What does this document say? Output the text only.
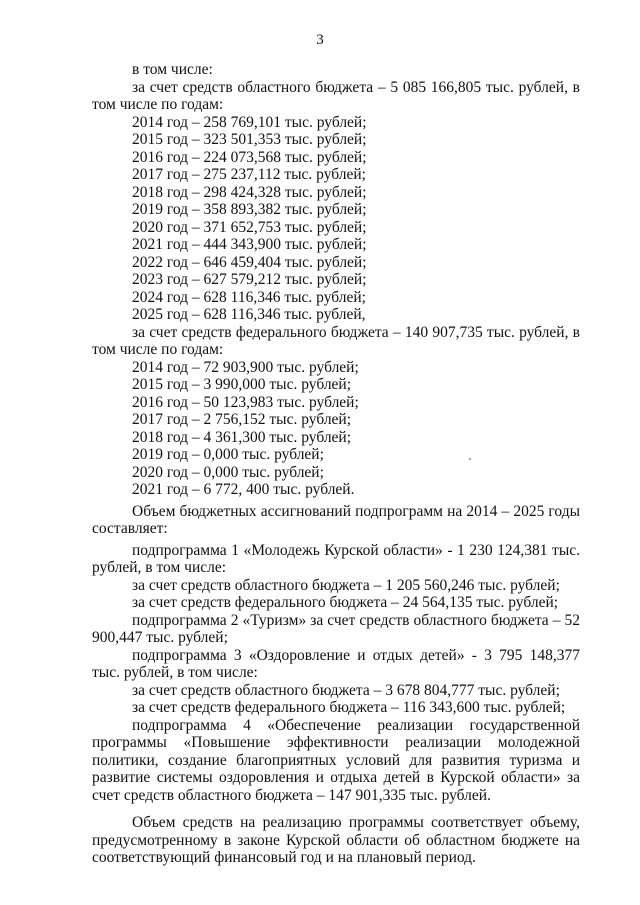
3

в том числе:

за счет средств областного бюджета – 5 085 166,805 тыс. рублей, в том числе по годам:

2014 год – 258 769,101 тыс. рублей;
2015 год – 323 501,353 тыс. рублей;
2016 год – 224 073,568 тыс. рублей;
2017 год – 275 237,112 тыс. рублей;
2018 год – 298 424,328 тыс. рублей;
2019 год – 358 893,382 тыс. рублей;
2020 год – 371 652,753 тыс. рублей;
2021 год – 444 343,900 тыс. рублей;
2022 год – 646 459,404 тыс. рублей;
2023 год – 627 579,212 тыс. рублей;
2024 год – 628 116,346 тыс. рублей;
2025 год – 628 116,346 тыс. рублей,

за счет средств федерального бюджета – 140 907,735 тыс. рублей, в том числе по годам:

2014 год – 72 903,900 тыс. рублей;
2015 год – 3 990,000 тыс. рублей;
2016 год – 50 123,983 тыс. рублей;
2017 год – 2 756,152 тыс. рублей;
2018 год – 4 361,300 тыс. рублей;
2019 год – 0,000 тыс. рублей;
2020 год – 0,000 тыс. рублей;
2021 год – 6 772, 400 тыс. рублей.

Объем бюджетных ассигнований подпрограмм на 2014 – 2025 годы составляет:

подпрограмма 1 «Молодежь Курской области» - 1 230 124,381 тыс. рублей, в том числе:

за счет средств областного бюджета – 1 205 560,246 тыс. рублей;

за счет средств федерального бюджета – 24 564,135 тыс. рублей;

подпрограмма 2 «Туризм» за счет средств областного бюджета – 52 900,447 тыс. рублей;

подпрограмма 3 «Оздоровление и отдых детей» - 3 795 148,377 тыс. рублей, в том числе:

за счет средств областного бюджета – 3 678 804,777 тыс. рублей;

за счет средств федерального бюджета – 116 343,600 тыс. рублей;

подпрограмма 4 «Обеспечение реализации государственной программы «Повышение эффективности реализации молодежной политики, создание благоприятных условий для развития туризма и развитие системы оздоровления и отдыха детей в Курской области» за счет средств областного бюджета – 147 901,335 тыс. рублей.

Объем средств на реализацию программы соответствует объему, предусмотренному в законе Курской области об областном бюджете на соответствующий финансовый год и на плановый период.
